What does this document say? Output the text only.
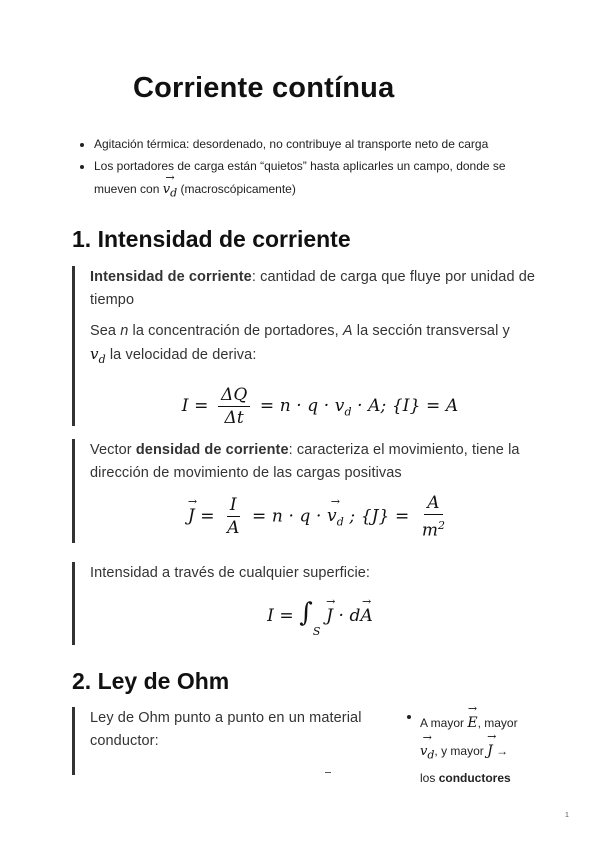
Corriente contínua
Agitación térmica: desordenado, no contribuye al transporte neto de carga
Los portadores de carga están “quietos” hasta aplicarles un campo, donde se mueven con
→
$v_d$ (macroscópicamente)
1. Intensidad de corriente

Intensidad de corriente: cantidad de carga que fluye por unidad de tiempo

Sea n la concentración de portadores, A la sección transversal y
$v_d$ la velocidad de deriva:

$I = \frac{\Delta Q}{\Delta t} = n \cdot q \cdot v_d \cdot A$; {I} = A

Vector densidad de corriente: caracteriza el movimiento, tiene la dirección de movimiento de las cargas positivas

→
$J = \frac{I}{A} = n \cdot q$ ·
→
$v_d$ ; $\{J\} = \frac{A}{m^2}$

Intensidad a través de cualquier superficie:

$I = \int_S$
→
J · d
→
A
2. Ley de Ohm

Ley de Ohm punto a punto en un material conductor:

A mayor
→
E, mayor

→
$v_d$, y mayor
→
J →
los conductores
1
